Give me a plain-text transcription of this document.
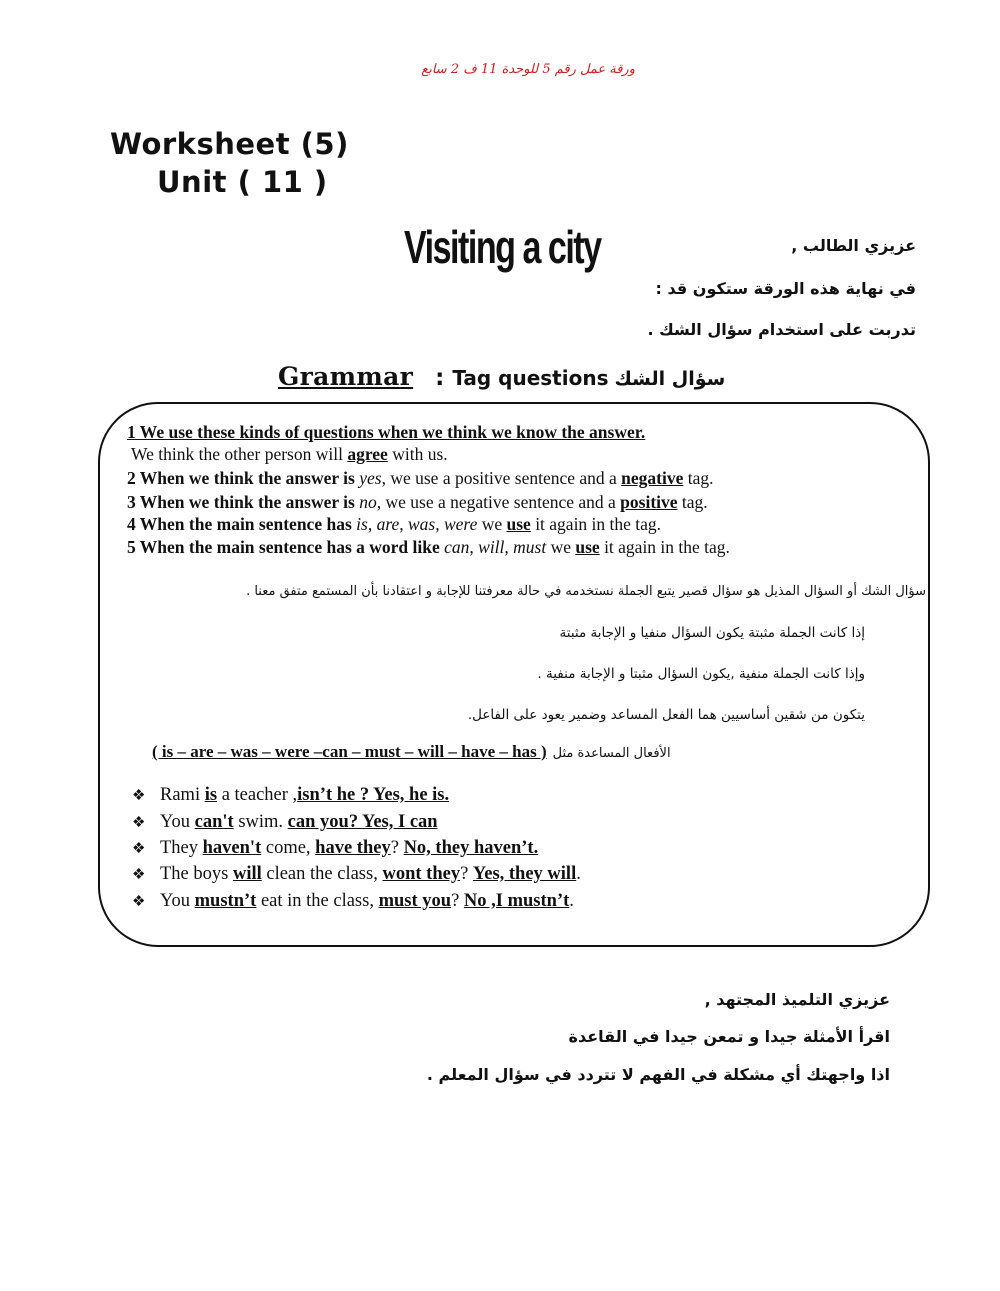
ورقة عمل رقم 5 للوحدة 11 ف 2 سابع
Worksheet (5)
Unit ( 11 )
Visiting a city	عزيزي الطالب ,
في نهاية هذه الورقة ستكون قد :
تدربت على استخدام سؤال الشك .
Grammar : Tag questions سؤال الشك
1 We use these kinds of questions when we think we know the answer.
We think the other person will agree with us.
2 When we think the answer is yes, we use a positive sentence and a negative tag.
3 When we think the answer is no, we use a negative sentence and a positive tag.
4 When the main sentence has is, are, was, were we use it again in the tag.
5 When the main sentence has a word like can, will, must we use it again in the tag.
سؤال الشك أو السؤال المذيل هو سؤال قصير يتبع الجملة نستخدمه في حالة معرفتنا للإجابة و اعتقادنا بأن المستمع متفق معنا .
إذا كانت الجملة مثبتة يكون السؤال منفيا و الإجابة مثبتة
وإذا كانت الجملة منفية ,يكون السؤال مثبتا و الإجابة منفية .
يتكون من شقين أساسيين هما الفعل المساعد وضمير يعود على الفاعل.
( is – are – was – were –can – must – will – have – has ) الأفعال المساعدة مثل
❖ Rami is a teacher ,isn’t he ? Yes, he is.
❖ You can't swim. can you? Yes, I can
❖ They haven't come, have they? No, they haven’t.
❖ The boys will clean the class, wont they? Yes, they will.
❖ You mustn’t eat in the class, must you? No ,I mustn’t.
عزيزي التلميذ المجتهد ,
اقرأ الأمثلة جيدا و تمعن جيدا في القاعدة
اذا واجهتك أي مشكلة في الفهم لا تتردد في سؤال المعلم .
